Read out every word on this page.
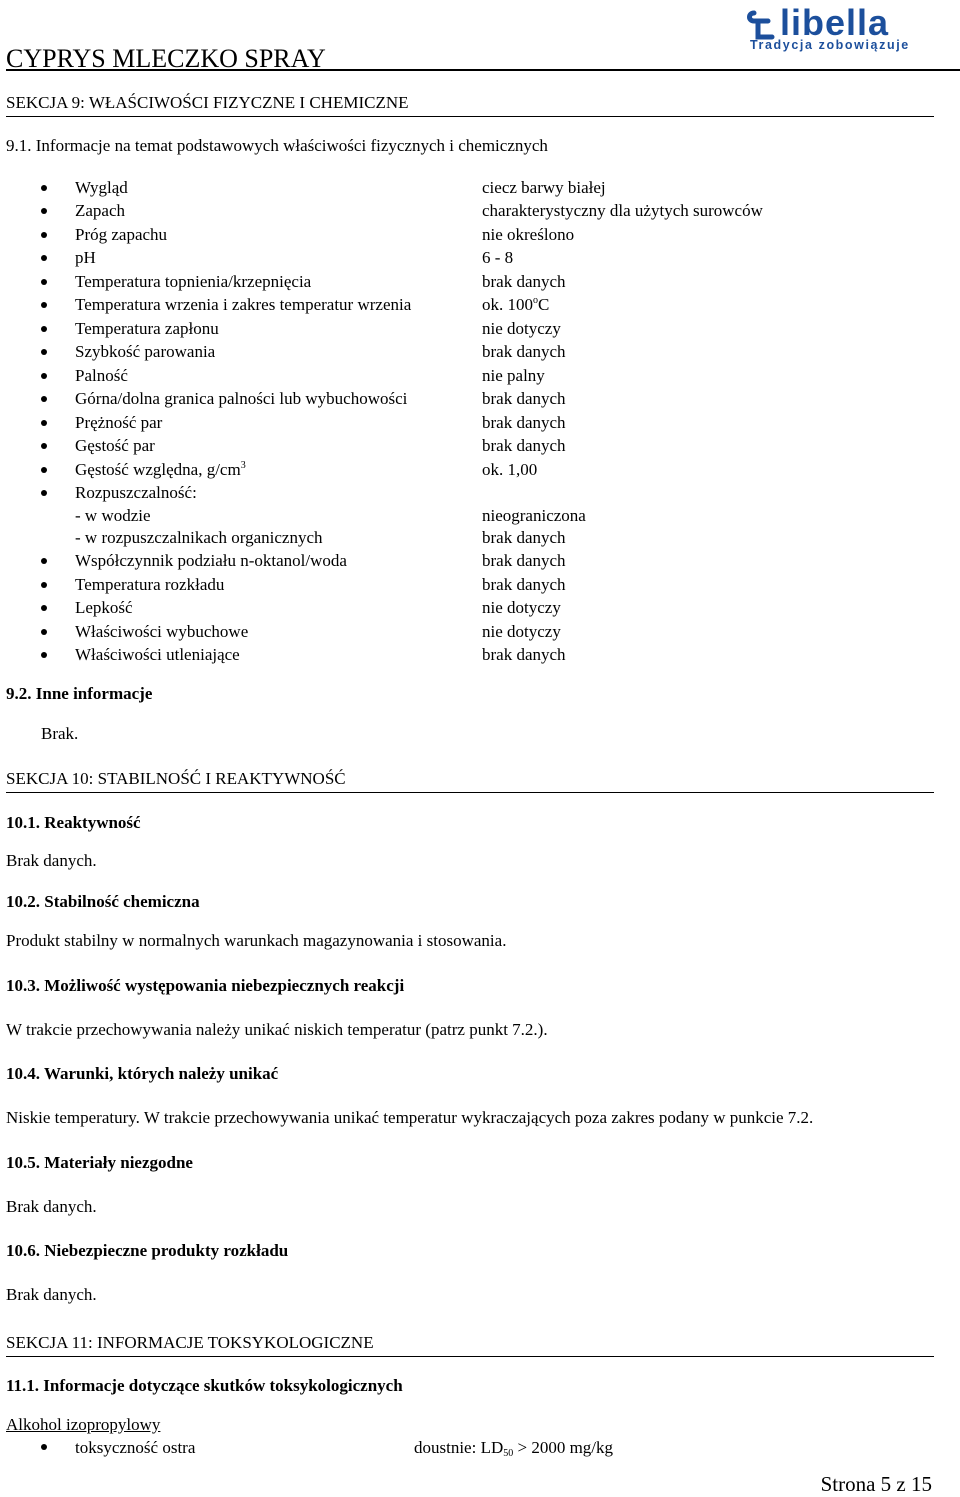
CYPRYS MLECZKO SPRAY__
libella
Tradycja zobowiązuje
SEKCJA 9: WŁAŚCIWOŚCI FIZYCZNE I CHEMICZNE
9.1. Informacje na temat podstawowych właściwości fizycznych i chemicznych
Wygląd	ciecz barwy białej
Zapach	charakterystyczny dla użytych surowców
Próg zapachu	nie określono
pH	6 - 8
Temperatura topnienia/krzepnięcia	brak danych
Temperatura wrzenia i zakres temperatur wrzenia	ok. 100$^o$C
Temperatura zapłonu	nie dotyczy
Szybkość parowania	brak danych
Palność	nie palny
Górna/dolna granica palności lub wybuchowości	brak danych
Prężność par	brak danych
Gęstość par	brak danych
Gęstość względna, $g/cm^3$	ok. 1,00
Rozpuszczalność:
- w wodzie	nieograniczona
- w rozpuszczalnikach organicznych	brak danych
Współczynnik podziału n-oktanol/woda	brak danych
Temperatura rozkładu	brak danych
Lepkość	nie dotyczy
Właściwości wybuchowe	nie dotyczy
Właściwości utleniające	brak danych
9.2. Inne informacje
Brak.
SEKCJA 10: STABILNOŚĆ I REAKTYWNOŚĆ
10.1. Reaktywność
Brak danych.
10.2. Stabilność chemiczna
Produkt stabilny w normalnych warunkach magazynowania i stosowania.
10.3. Możliwość występowania niebezpiecznych reakcji
W trakcie przechowywania należy unikać niskich temperatur (patrz punkt 7.2.).
10.4. Warunki, których należy unikać
Niskie temperatury. W trakcie przechowywania unikać temperatur wykraczających poza zakres podany w punkcie 7.2.
10.5. Materiały niezgodne
Brak danych.
10.6. Niebezpieczne produkty rozkładu
Brak danych.
SEKCJA 11: INFORMACJE TOKSYKOLOGICZNE
11.1. Informacje dotyczące skutków toksykologicznych
Alkohol izopropylowy
toksyczność ostra	doustnie: $LD_{50} > 2000$ mg/kg
Strona 5 z 15
